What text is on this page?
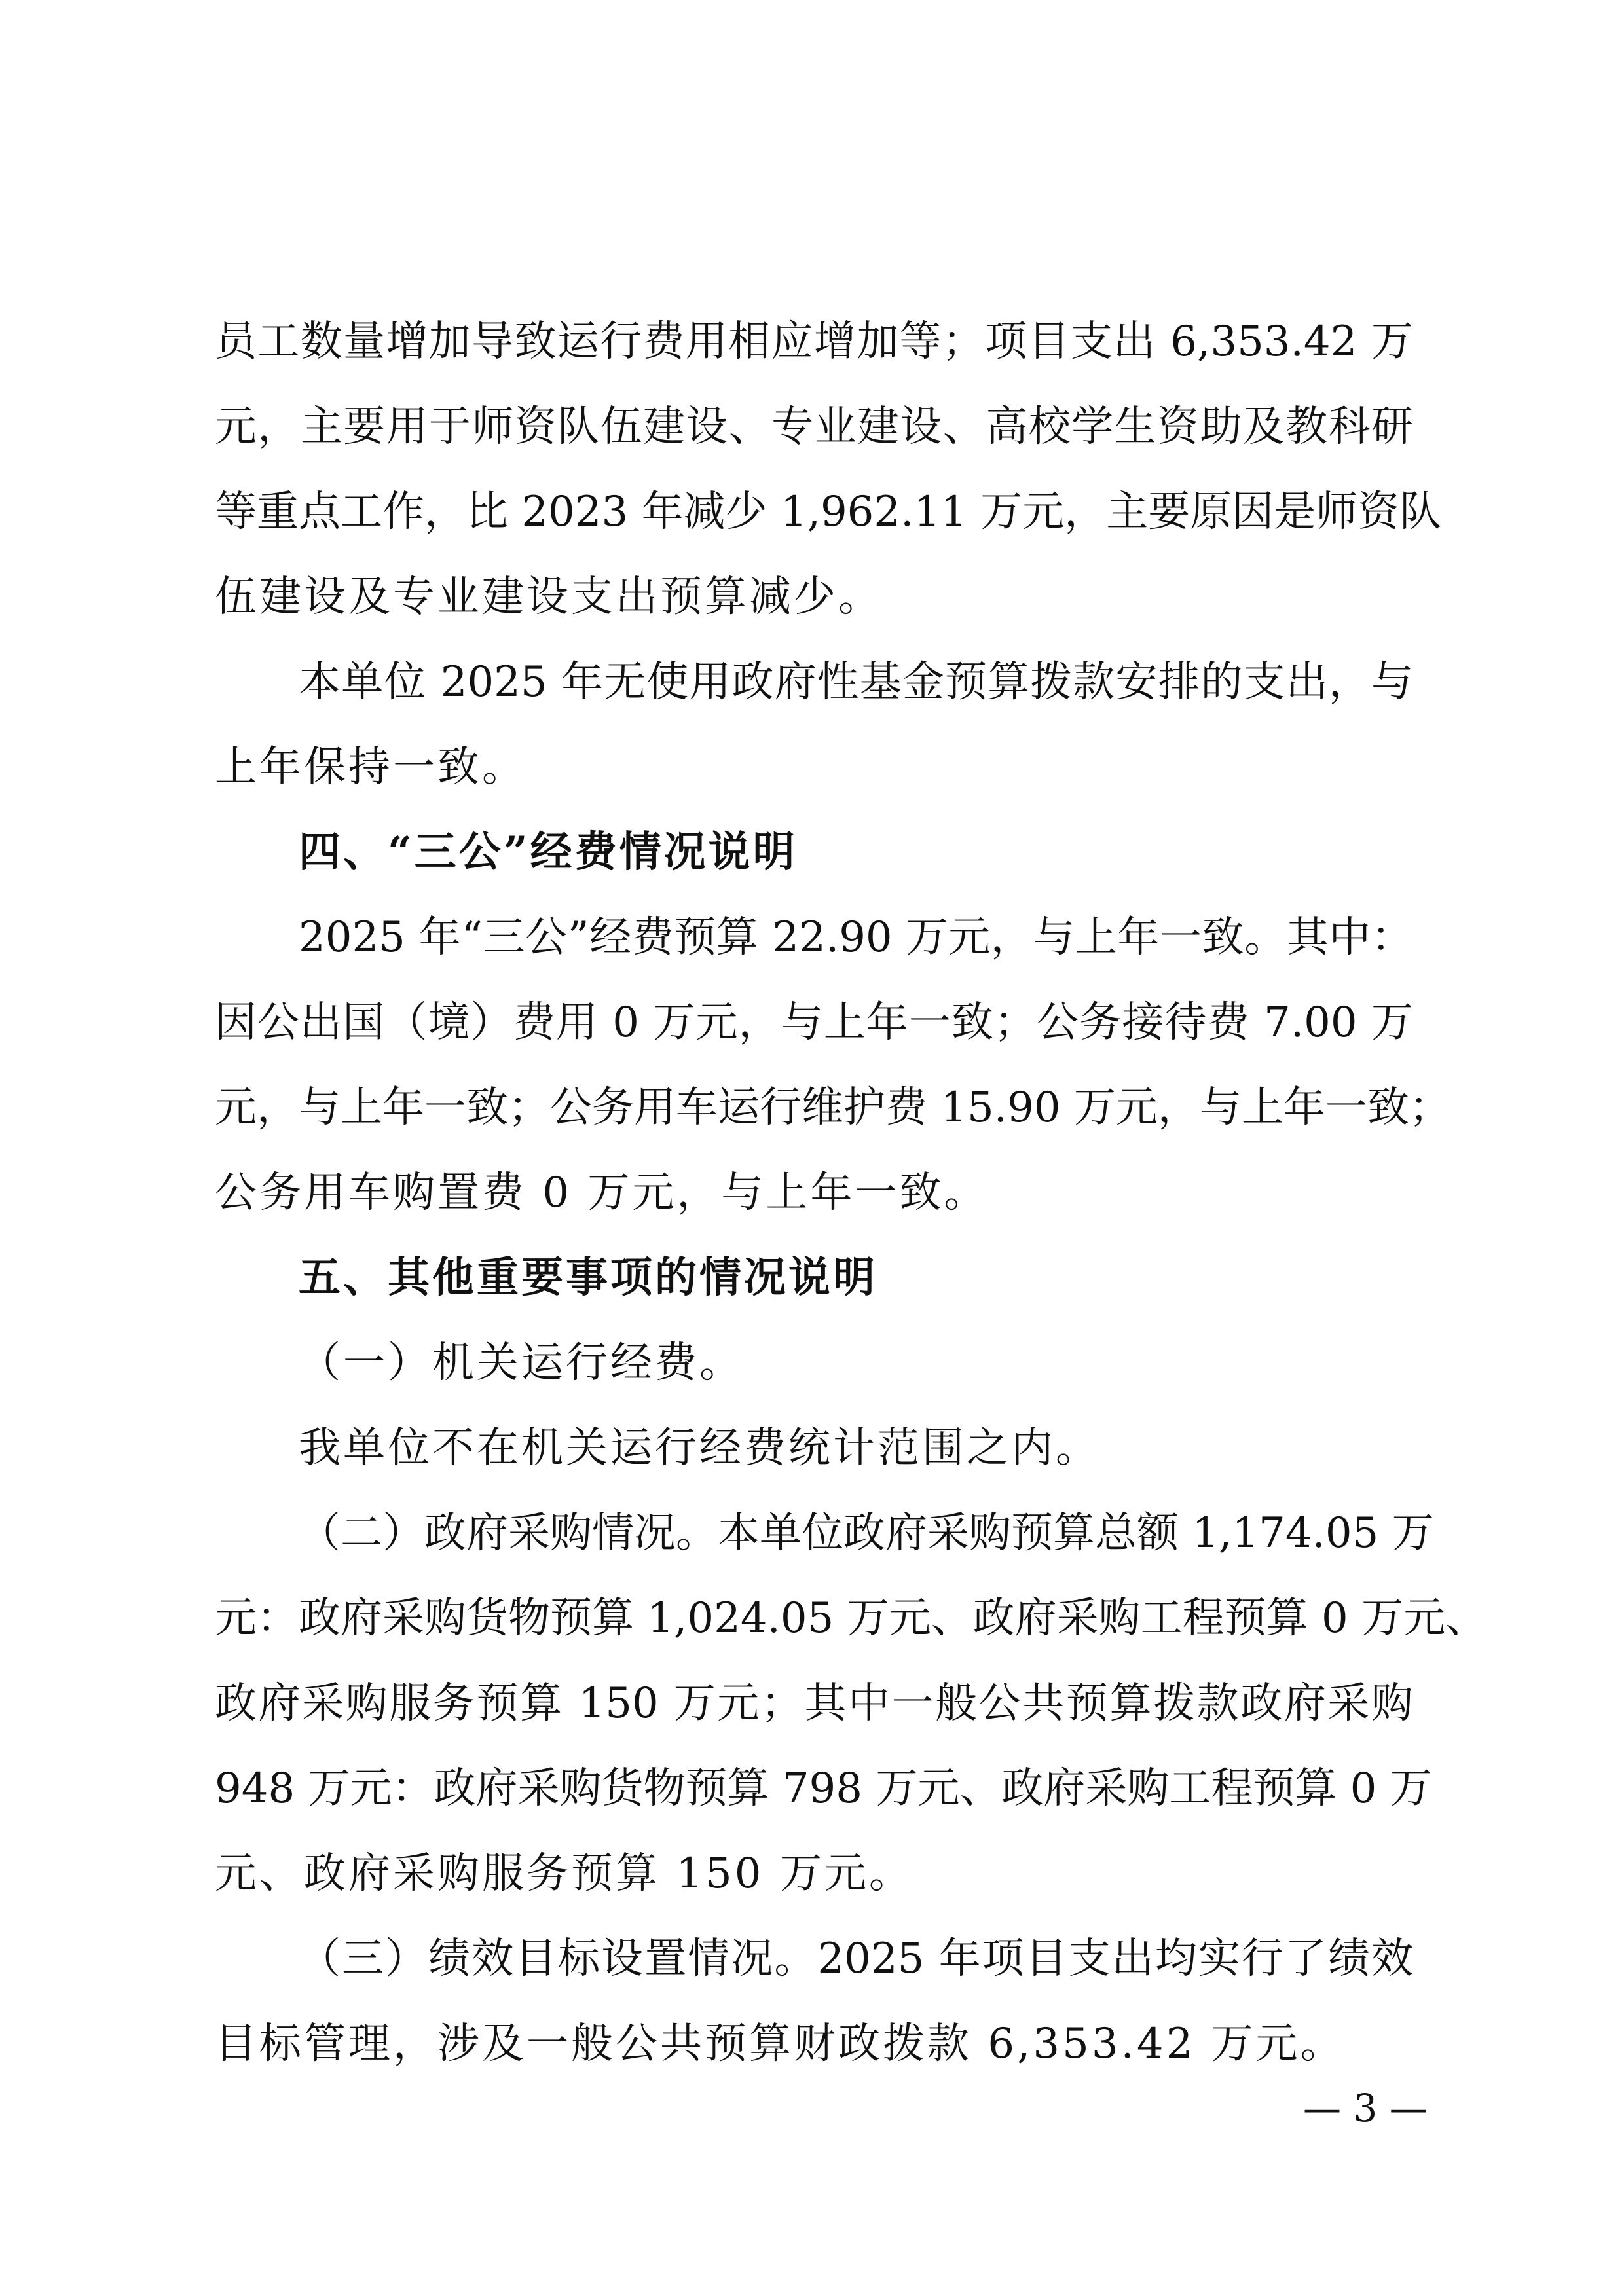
员工数量增加导致运行费用相应增加等；项目支出 6,353.42 万
元，主要用于师资队伍建设、专业建设、高校学生资助及教科研
等重点工作，比 2023 年减少 1,962.11 万元，主要原因是师资队
伍建设及专业建设支出预算减少。
本单位 2025 年无使用政府性基金预算拨款安排的支出，与
上年保持一致。
四、“三公”经费情况说明
2025 年“三公”经费预算 22.90 万元，与上年一致。其中：
因公出国（境）费用 0 万元，与上年一致；公务接待费 7.00 万
元，与上年一致；公务用车运行维护费 15.90 万元，与上年一致；
公务用车购置费 0 万元，与上年一致。
五、其他重要事项的情况说明
（一）机关运行经费。
我单位不在机关运行经费统计范围之内。
（二）政府采购情况。本单位政府采购预算总额 1,174.05 万
元：政府采购货物预算 1,024.05 万元、政府采购工程预算 0 万元、
政府采购服务预算 150 万元；其中一般公共预算拨款政府采购
948 万元：政府采购货物预算 798 万元、政府采购工程预算 0 万
元、政府采购服务预算 150 万元。
（三）绩效目标设置情况。2025 年项目支出均实行了绩效
目标管理，涉及一般公共预算财政拨款 6,353.42 万元。
— 3 —
